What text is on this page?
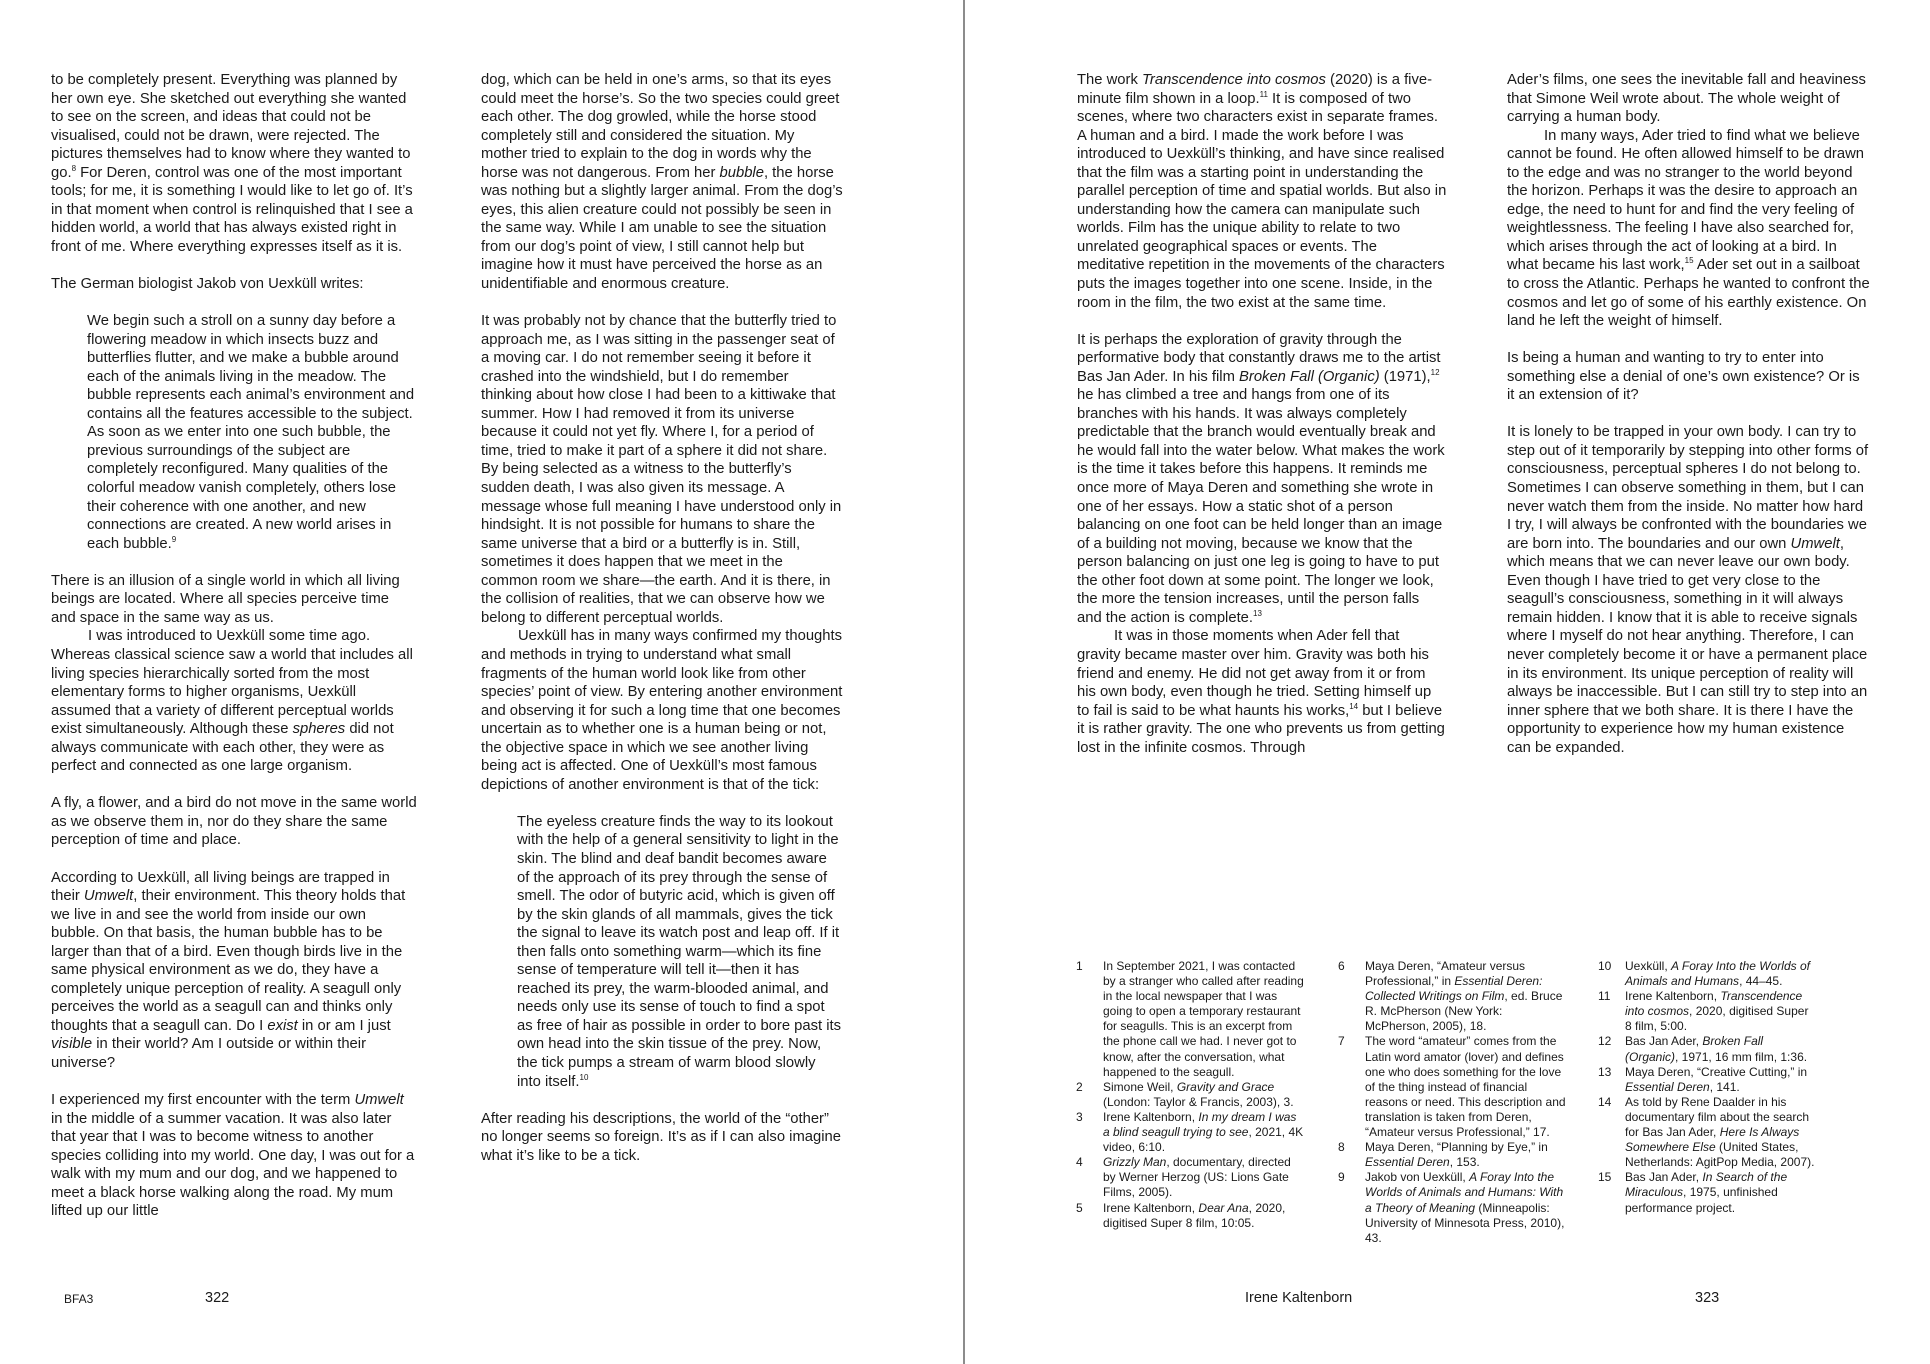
to be completely present. Everything was planned by her own eye. She sketched out everything she wanted to see on the screen, and ideas that could not be visualised, could not be drawn, were rejected. The pictures themselves had to know where they wanted to go.$^8$ For Deren, control was one of the most important tools; for me, it is something I would like to let go of. It’s in that moment when control is relinquished that I see a hidden world, a world that has always existed right in front of me. Where everything expresses itself as it is.

The German biologist Jakob von Uexküll writes:

We begin such a stroll on a sunny day before a flowering meadow in which insects buzz and butterflies flutter, and we make a bubble around each of the animals living in the meadow. The bubble represents each animal’s environment and contains all the features accessible to the subject. As soon as we enter into one such bubble, the previous surroundings of the subject are completely reconfigured. Many qualities of the colorful meadow vanish completely, others lose their coherence with one another, and new connections are created. A new world arises in each bubble.$^9$

There is an illusion of a single world in which all living beings are located. Where all species perceive time and space in the same way as us.

I was introduced to Uexküll some time ago. Whereas classical science saw a world that includes all living species hierarchically sorted from the most elementary forms to higher organisms, Uexküll assumed that a variety of different perceptual worlds exist simultaneously. Although these spheres did not always communicate with each other, they were as perfect and connected as one large organism.

A fly, a flower, and a bird do not move in the same world as we observe them in, nor do they share the same perception of time and place.

According to Uexküll, all living beings are trapped in their Umwelt, their environment. This theory holds that we live in and see the world from inside our own bubble. On that basis, the human bubble has to be larger than that of a bird. Even though birds live in the same physical environment as we do, they have a completely unique perception of reality. A seagull only perceives the world as a seagull can and thinks only thoughts that a seagull can. Do I exist in or am I just visible in their world? Am I outside or within their universe?

I experienced my first encounter with the term Umwelt in the middle of a summer vacation. It was also later that year that I was to become witness to another species colliding into my world. One day, I was out for a walk with my mum and our dog, and we happened to meet a black horse walking along the road. My mum lifted up our little

dog, which can be held in one’s arms, so that its eyes could meet the horse’s. So the two species could greet each other. The dog growled, while the horse stood completely still and considered the situation. My mother tried to explain to the dog in words why the horse was not dangerous. From her bubble, the horse was nothing but a slightly larger animal. From the dog’s eyes, this alien creature could not possibly be seen in the same way. While I am unable to see the situation from our dog’s point of view, I still cannot help but imagine how it must have perceived the horse as an unidentifiable and enormous creature.

It was probably not by chance that the butterfly tried to approach me, as I was sitting in the passenger seat of a moving car. I do not remember seeing it before it crashed into the windshield, but I do remember thinking about how close I had been to a kittiwake that summer. How I had removed it from its universe because it could not yet fly. Where I, for a period of time, tried to make it part of a sphere it did not share. By being selected as a witness to the butterfly’s sudden death, I was also given its message. A message whose full meaning I have understood only in hindsight. It is not possible for humans to share the same universe that a bird or a butterfly is in. Still, sometimes it does happen that we meet in the common room we share—the earth. And it is there, in the collision of realities, that we can observe how we belong to different perceptual worlds.

Uexküll has in many ways confirmed my thoughts and methods in trying to understand what small fragments of the human world look like from other species’ point of view. By entering another environment and observing it for such a long time that one becomes uncertain as to whether one is a human being or not, the objective space in which we see another living being act is affected. One of Uexküll’s most famous depictions of another environment is that of the tick:

The eyeless creature finds the way to its lookout with the help of a general sensitivity to light in the skin. The blind and deaf bandit becomes aware of the approach of its prey through the sense of smell. The odor of butyric acid, which is given off by the skin glands of all mammals, gives the tick the signal to leave its watch post and leap off. If it then falls onto something warm—which its fine sense of temperature will tell it—then it has reached its prey, the warm-blooded animal, and needs only use its sense of touch to find a spot as free of hair as possible in order to bore past its own head into the skin tissue of the prey. Now, the tick pumps a stream of warm blood slowly into itself.$^{10}$

After reading his descriptions, the world of the “other” no longer seems so foreign. It’s as if I can also imagine what it’s like to be a tick.

BFA3	322

The work Transcendence into cosmos (2020) is a five-minute film shown in a loop.$^{11}$ It is composed of two scenes, where two characters exist in separate frames. A human and a bird. I made the work before I was introduced to Uexküll’s thinking, and have since realised that the film was a starting point in understanding the parallel perception of time and spatial worlds. But also in understanding how the camera can manipulate such worlds. Film has the unique ability to relate to two unrelated geographical spaces or events. The meditative repetition in the movements of the characters puts the images together into one scene. Inside, in the room in the film, the two exist at the same time.

It is perhaps the exploration of gravity through the performative body that constantly draws me to the artist Bas Jan Ader. In his film Broken Fall (Organic) (1971),$^{12}$ he has climbed a tree and hangs from one of its branches with his hands. It was always completely predictable that the branch would eventually break and he would fall into the water below. What makes the work is the time it takes before this happens. It reminds me once more of Maya Deren and something she wrote in one of her essays. How a static shot of a person balancing on one foot can be held longer than an image of a building not moving, because we know that the person balancing on just one leg is going to have to put the other foot down at some point. The longer we look, the more the tension increases, until the person falls and the action is complete.$^{13}$

It was in those moments when Ader fell that gravity became master over him. Gravity was both his friend and enemy. He did not get away from it or from his own body, even though he tried. Setting himself up to fail is said to be what haunts his works,$^{14}$ but I believe it is rather gravity. The one who prevents us from getting lost in the infinite cosmos. Through

Ader’s films, one sees the inevitable fall and heaviness that Simone Weil wrote about. The whole weight of carrying a human body.

In many ways, Ader tried to find what we believe cannot be found. He often allowed himself to be drawn to the edge and was no stranger to the world beyond the horizon. Perhaps it was the desire to approach an edge, the need to hunt for and find the very feeling of weightlessness. The feeling I have also searched for, which arises through the act of looking at a bird. In what became his last work,$^{15}$ Ader set out in a sailboat to cross the Atlantic. Perhaps he wanted to confront the cosmos and let go of some of his earthly existence. On land he left the weight of himself.

Is being a human and wanting to try to enter into something else a denial of one’s own existence? Or is it an extension of it?

It is lonely to be trapped in your own body. I can try to step out of it temporarily by stepping into other forms of consciousness, perceptual spheres I do not belong to. Sometimes I can observe something in them, but I can never watch them from the inside. No matter how hard I try, I will always be confronted with the boundaries we are born into. The boundaries and our own Umwelt, which means that we can never leave our own body. Even though I have tried to get very close to the seagull’s consciousness, something in it will always remain hidden. I know that it is able to receive signals where I myself do not hear anything. Therefore, I can never completely become it or have a permanent place in its environment. Its unique perception of reality will always be inaccessible. But I can still try to step into an inner sphere that we both share. It is there I have the opportunity to experience how my human existence can be expanded.

1	In September 2021, I was contacted by a stranger who called after reading in the local newspaper that I was going to open a temporary restaurant for seagulls. This is an excerpt from the phone call we had. I never got to know, after the conversation, what happened to the seagull.
2	Simone Weil, Gravity and Grace (London: Taylor & Francis, 2003), 3.
3	Irene Kaltenborn, In my dream I was a blind seagull trying to see, 2021, 4K video, 6:10.
4	Grizzly Man, documentary, directed by Werner Herzog (US: Lions Gate Films, 2005).
5	Irene Kaltenborn, Dear Ana, 2020, digitised Super 8 film, 10:05.
6	Maya Deren, “Amateur versus Professional,” in Essential Deren: Collected Writings on Film, ed. Bruce R. McPherson (New York: McPherson, 2005), 18.
7	The word “amateur” comes from the Latin word amator (lover) and defines one who does something for the love of the thing instead of financial reasons or need. This description and translation is taken from Deren, “Amateur versus Professional,” 17.
8	Maya Deren, “Planning by Eye,” in Essential Deren, 153.
9	Jakob von Uexküll, A Foray Into the Worlds of Animals and Humans: With a Theory of Meaning (Minneapolis: University of Minnesota Press, 2010), 43.
10	Uexküll, A Foray Into the Worlds of Animals and Humans, 44–45.
11	Irene Kaltenborn, Transcendence into cosmos, 2020, digitised Super 8 film, 5:00.
12	Bas Jan Ader, Broken Fall (Organic), 1971, 16 mm film, 1:36.
13	Maya Deren, “Creative Cutting,” in Essential Deren, 141.
14	As told by Rene Daalder in his documentary film about the search for Bas Jan Ader, Here Is Always Somewhere Else (United States, Netherlands: AgitPop Media, 2007).
15	Bas Jan Ader, In Search of the Miraculous, 1975, unfinished performance project.
Irene Kaltenborn	323
